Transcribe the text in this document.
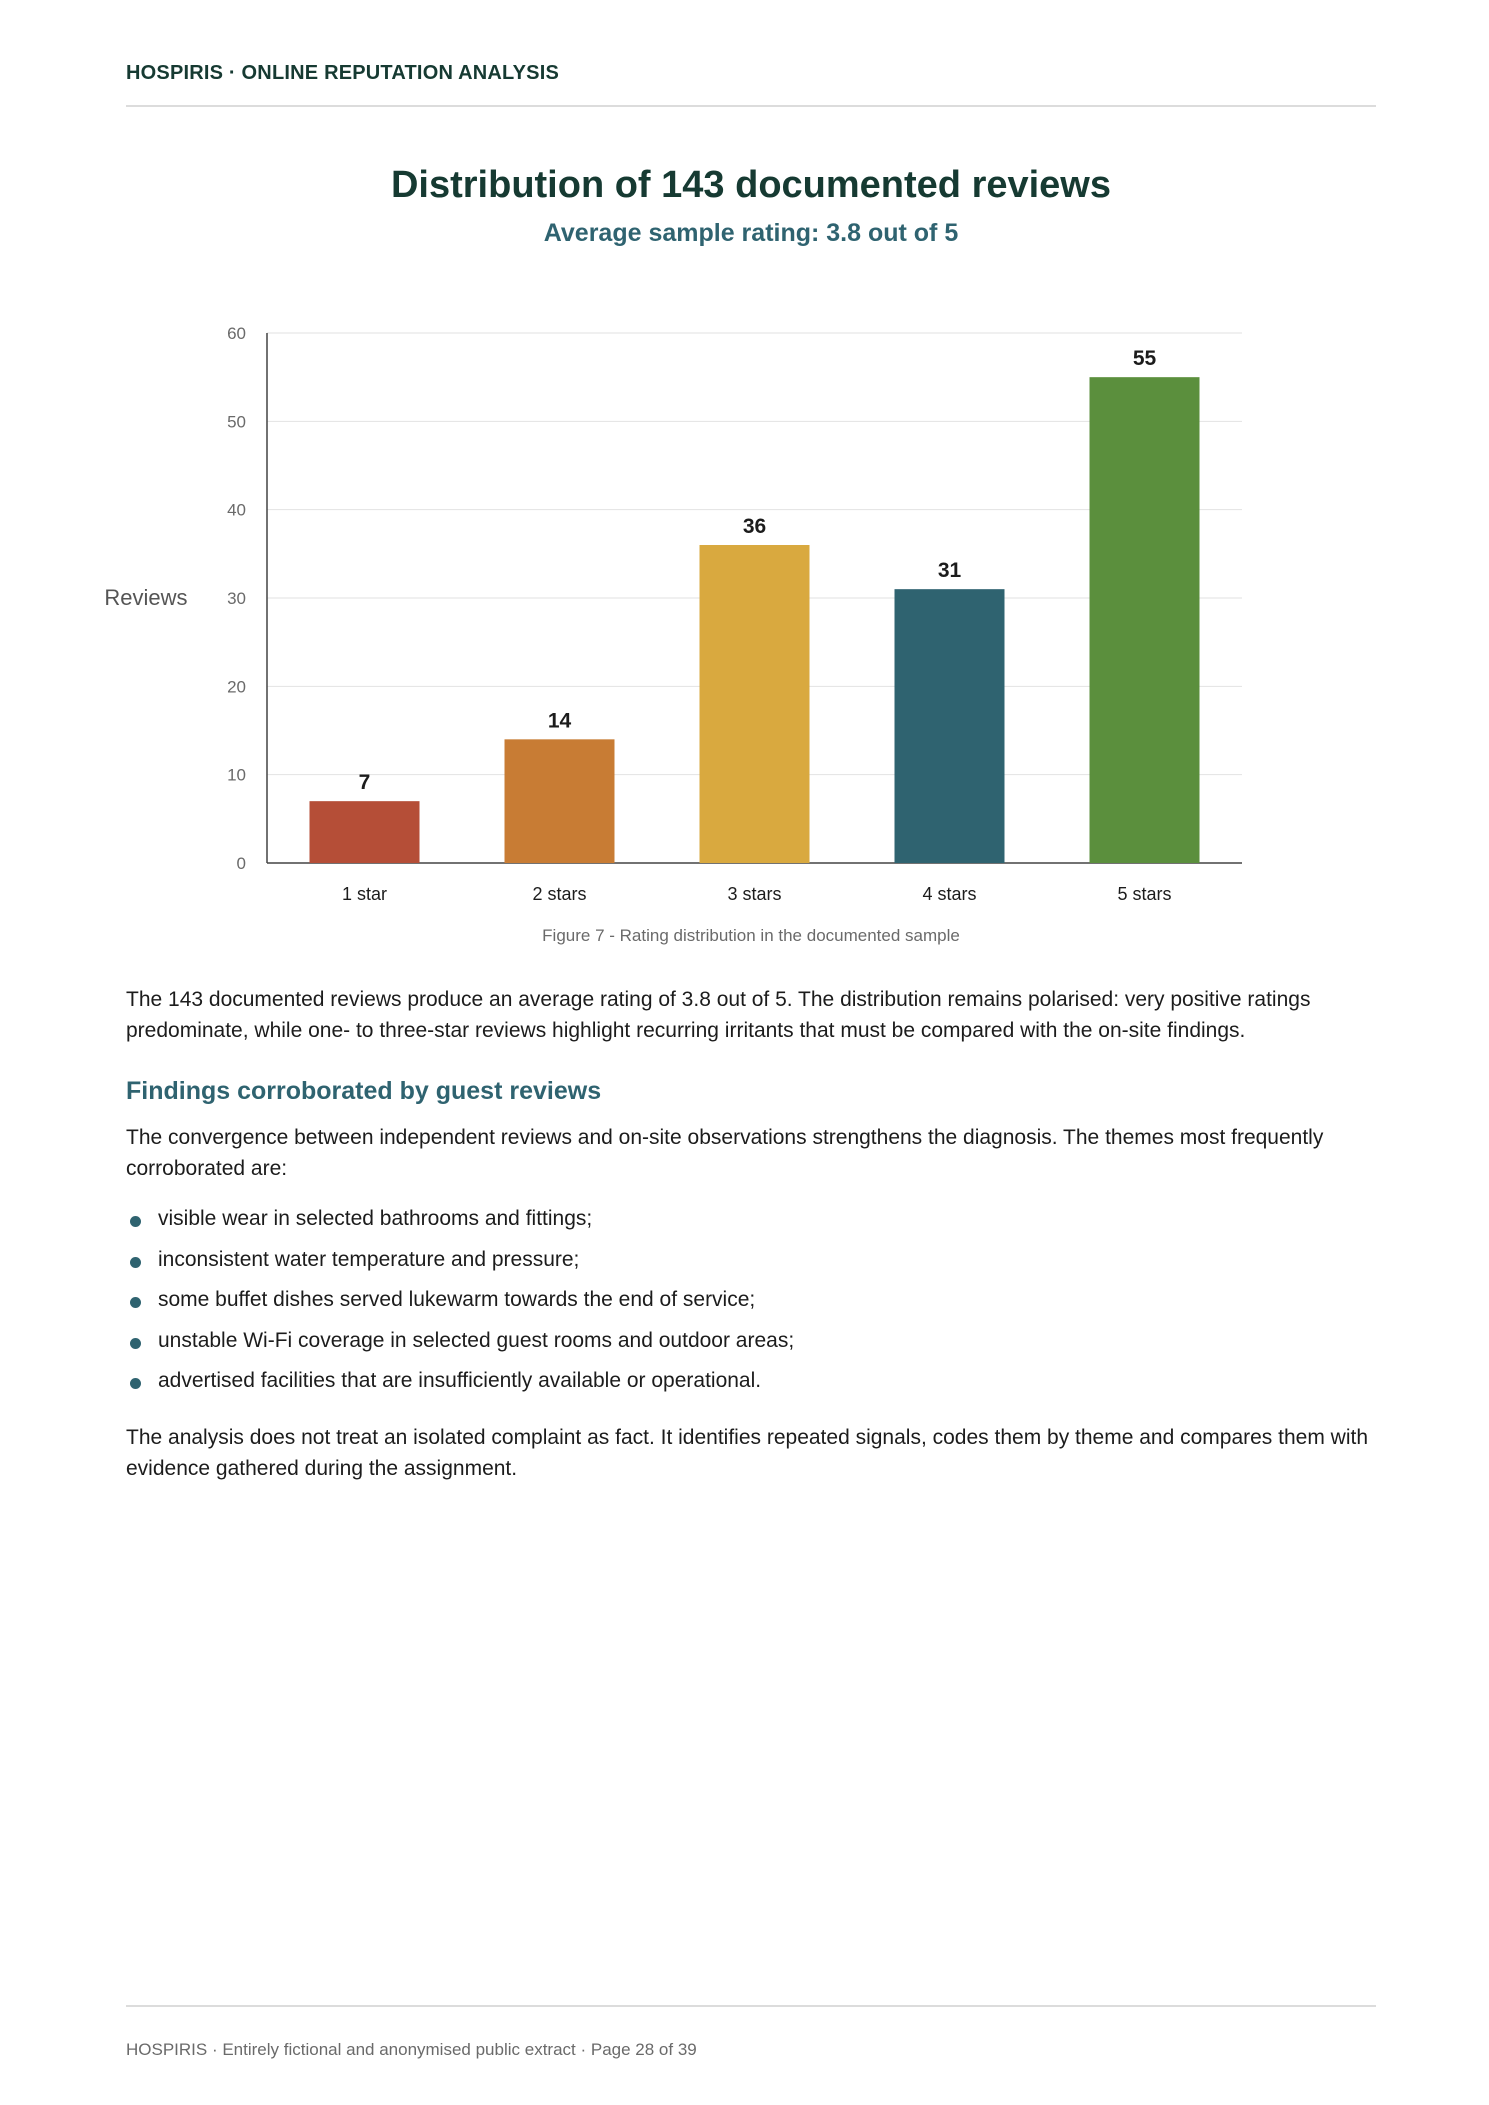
HOSPIRIS · ONLINE REPUTATION ANALYSIS
Distribution of 143 documented reviews
Average sample rating: 3.8 out of 5
0
10
20
30
40
50
60
Reviews
7
1 star
14
2 stars
36
3 stars
31
4 stars
55
5 stars
Figure 7 - Rating distribution in the documented sample

The 143 documented reviews produce an average rating of 3.8 out of 5. The distribution remains polarised: very positive ratings predominate, while one- to three-star reviews highlight recurring irritants that must be compared with the on-site findings.

Findings corroborated by guest reviews

The convergence between independent reviews and on-site observations strengthens the diagnosis. The themes most frequently corroborated are:

visible wear in selected bathrooms and fittings;
inconsistent water temperature and pressure;
some buffet dishes served lukewarm towards the end of service;
unstable Wi-Fi coverage in selected guest rooms and outdoor areas;
advertised facilities that are insufficiently available or operational.

The analysis does not treat an isolated complaint as fact. It identifies repeated signals, codes them by theme and compares them with evidence gathered during the assignment.

HOSPIRIS · Entirely fictional and anonymised public extract · Page 28 of 39
